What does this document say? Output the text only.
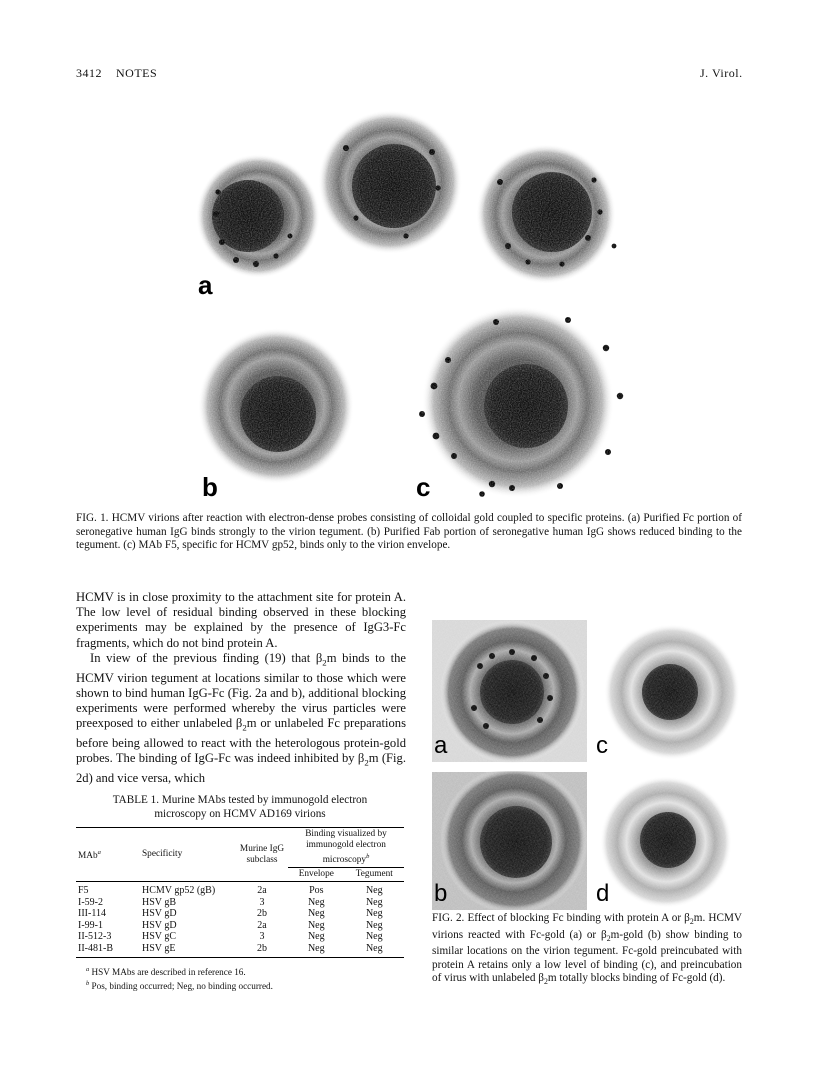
3412 NOTES	J. Virol.
a
b	c
FIG. 1. HCMV virions after reaction with electron-dense probes consisting of colloidal gold coupled to specific proteins. (a) Purified Fc portion of seronegative human IgG binds strongly to the virion tegument. (b) Purified Fab portion of seronegative human IgG shows reduced binding to the tegument. (c) MAb F5, specific for HCMV gp52, binds only to the virion envelope.

HCMV is in close proximity to the attachment site for protein A. The low level of residual binding observed in these blocking experiments may be explained by the presence of IgG3-Fc fragments, which do not bind protein A.

In view of the previous finding (19) that $\beta_2m$ binds to the HCMV virion tegument at locations similar to those which were shown to bind human IgG-Fc (Fig. 2a and b), additional blocking experiments were performed whereby the virus particles were preexposed to either unlabeled $\beta_2m$ or unlabeled Fc preparations before being allowed to react with the heterologous protein-gold probes. The binding of IgG-Fc was indeed inhibited by $\beta_2m$ (Fig. 2d) and vice versa, which

TABLE 1. Murine MAbs tested by immunogold electron microscopy on HCMV AD169 virions
MAb$^a$	Specificity	Murine IgG subclass	Binding visualized by immunogold electron microscopy$^b$
			Envelope	Tegument
F5	HCMV gp52 (gB)	2a	Pos	Neg
I-59-2	HSV gB	3	Neg	Neg
III-114	HSV gD	2b	Neg	Neg
I-99-1	HSV gD	2a	Neg	Neg
II-512-3	HSV gC	3	Neg	Neg
II-481-B	HSV gE	2b	Neg	Neg
$^a$ HSV MAbs are described in reference 16.
$^b$ Pos, binding occurred; Neg, no binding occurred.
a	c
b	d
FIG. 2. Effect of blocking Fc binding with protein A or $\beta_2m$. HCMV virions reacted with Fc-gold (a) or $\beta_2m$-gold (b) show binding to similar locations on the virion tegument. Fc-gold preincubated with protein A retains only a low level of binding (c), and preincubation of virus with unlabeled $\beta_2m$ totally blocks binding of Fc-gold (d).
